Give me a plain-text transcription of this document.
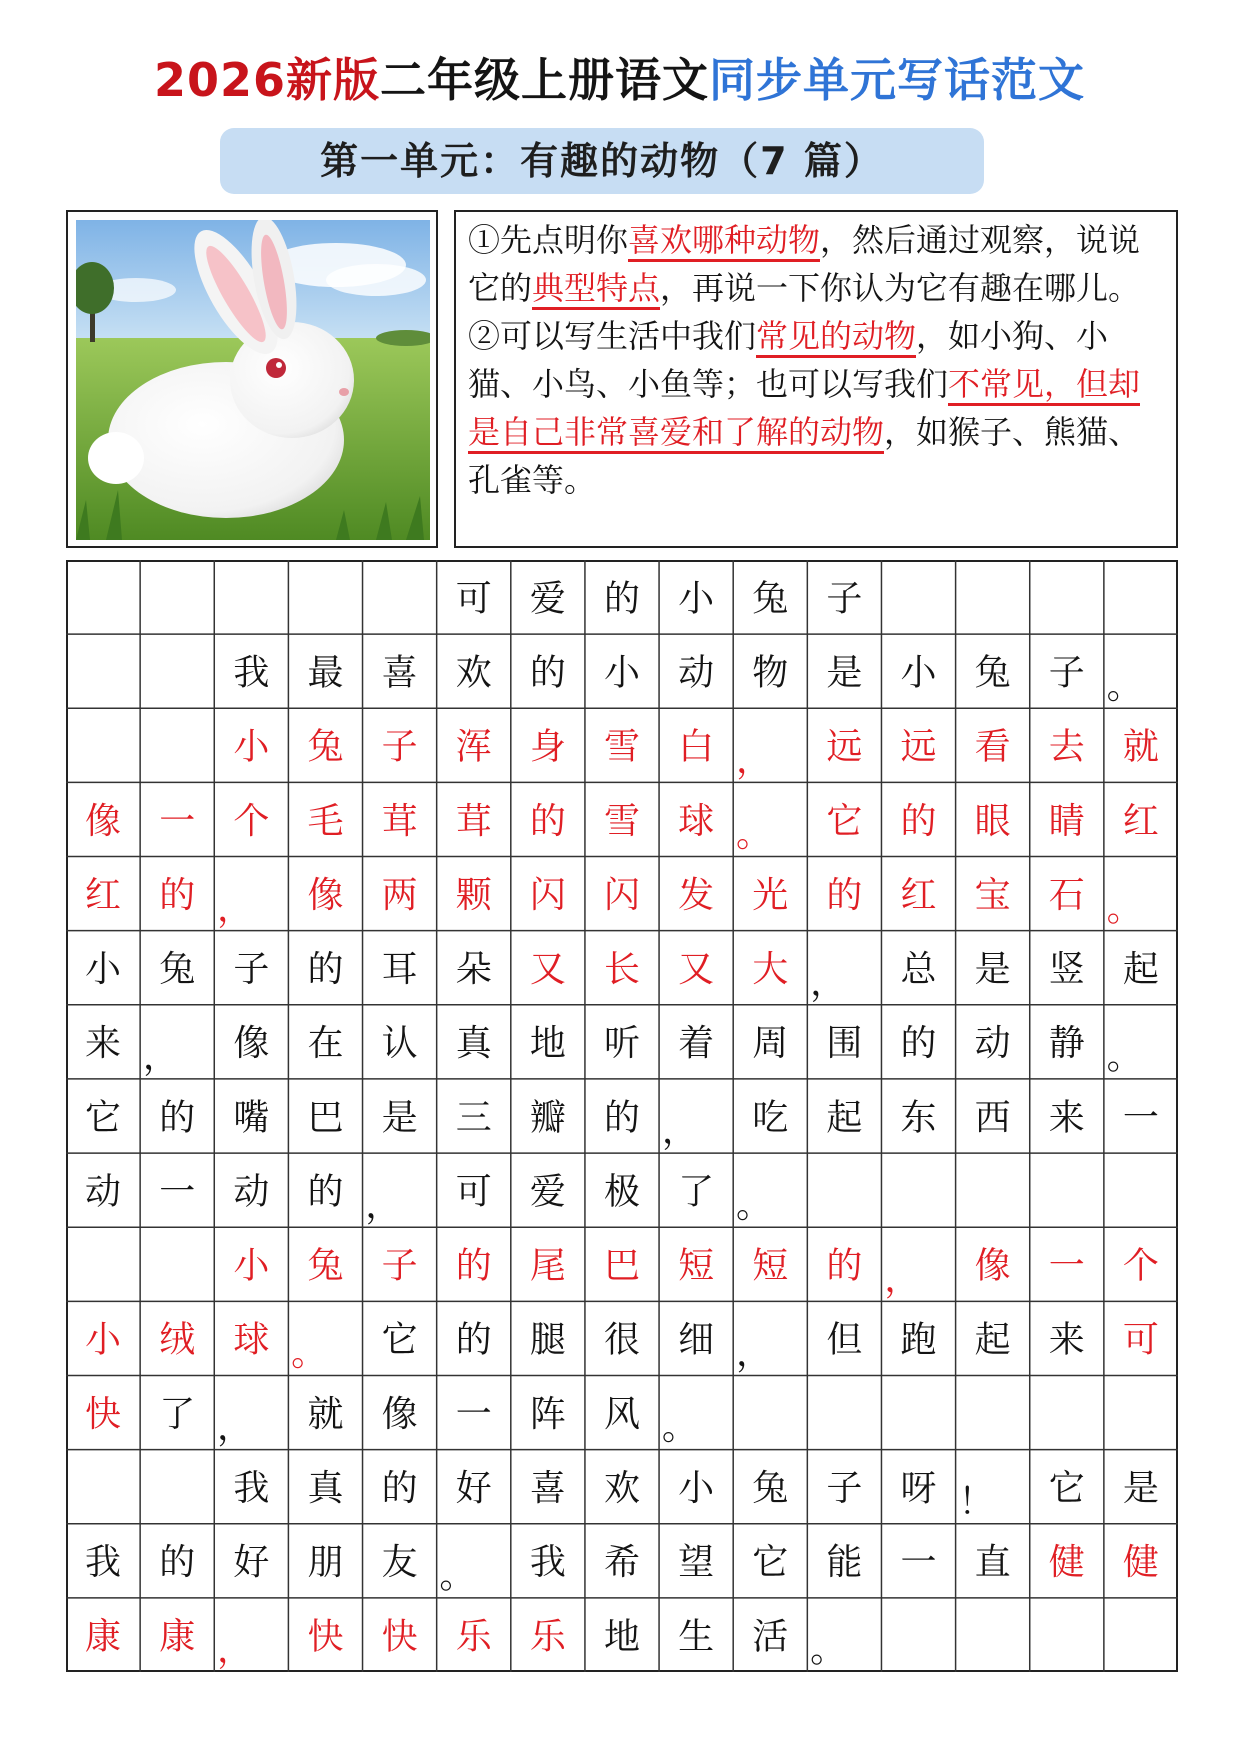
2026新版二年级上册语文同步单元写话范文
第一单元：有趣的动物（7 篇）

①先点明你喜欢哪种动物，然后通过观察，说说它的典型特点，再说一下你认为它有趣在哪儿。

②可以写生活中我们常见的动物，如小狗、小猫、小鸟、小鱼等；也可以写我们不常见，但却是自己非常喜爱和了解的动物，如猴子、熊猫、孔雀等。

可 爱 的 小 兔 子
我 最 喜 欢 的 小 动 物 是 小 兔 子 。
小 兔 子 浑 身 雪 白 ， 远 远 看 去 就
像 一 个 毛 茸 茸 的 雪 球 。 它 的 眼 睛 红
红 的 ， 像 两 颗 闪 闪 发 光 的 红 宝 石 。
小 兔 子 的 耳 朵 又 长 又 大 ， 总 是 竖 起
来 ， 像 在 认 真 地 听 着 周 围 的 动 静 。
它 的 嘴 巴 是 三 瓣 的 ， 吃 起 东 西 来 一
动 一 动 的 ， 可 爱 极 了 。
小 兔 子 的 尾 巴 短 短 的 ， 像 一 个
小 绒 球 。 它 的 腿 很 细 ， 但 跑 起 来 可
快 了 ， 就 像 一 阵 风 。
我 真 的 好 喜 欢 小 兔 子 呀 ！ 它 是
我 的 好 朋 友 。 我 希 望 它 能 一 直 健 健
康 康 ， 快 快 乐 乐 地 生 活 。
